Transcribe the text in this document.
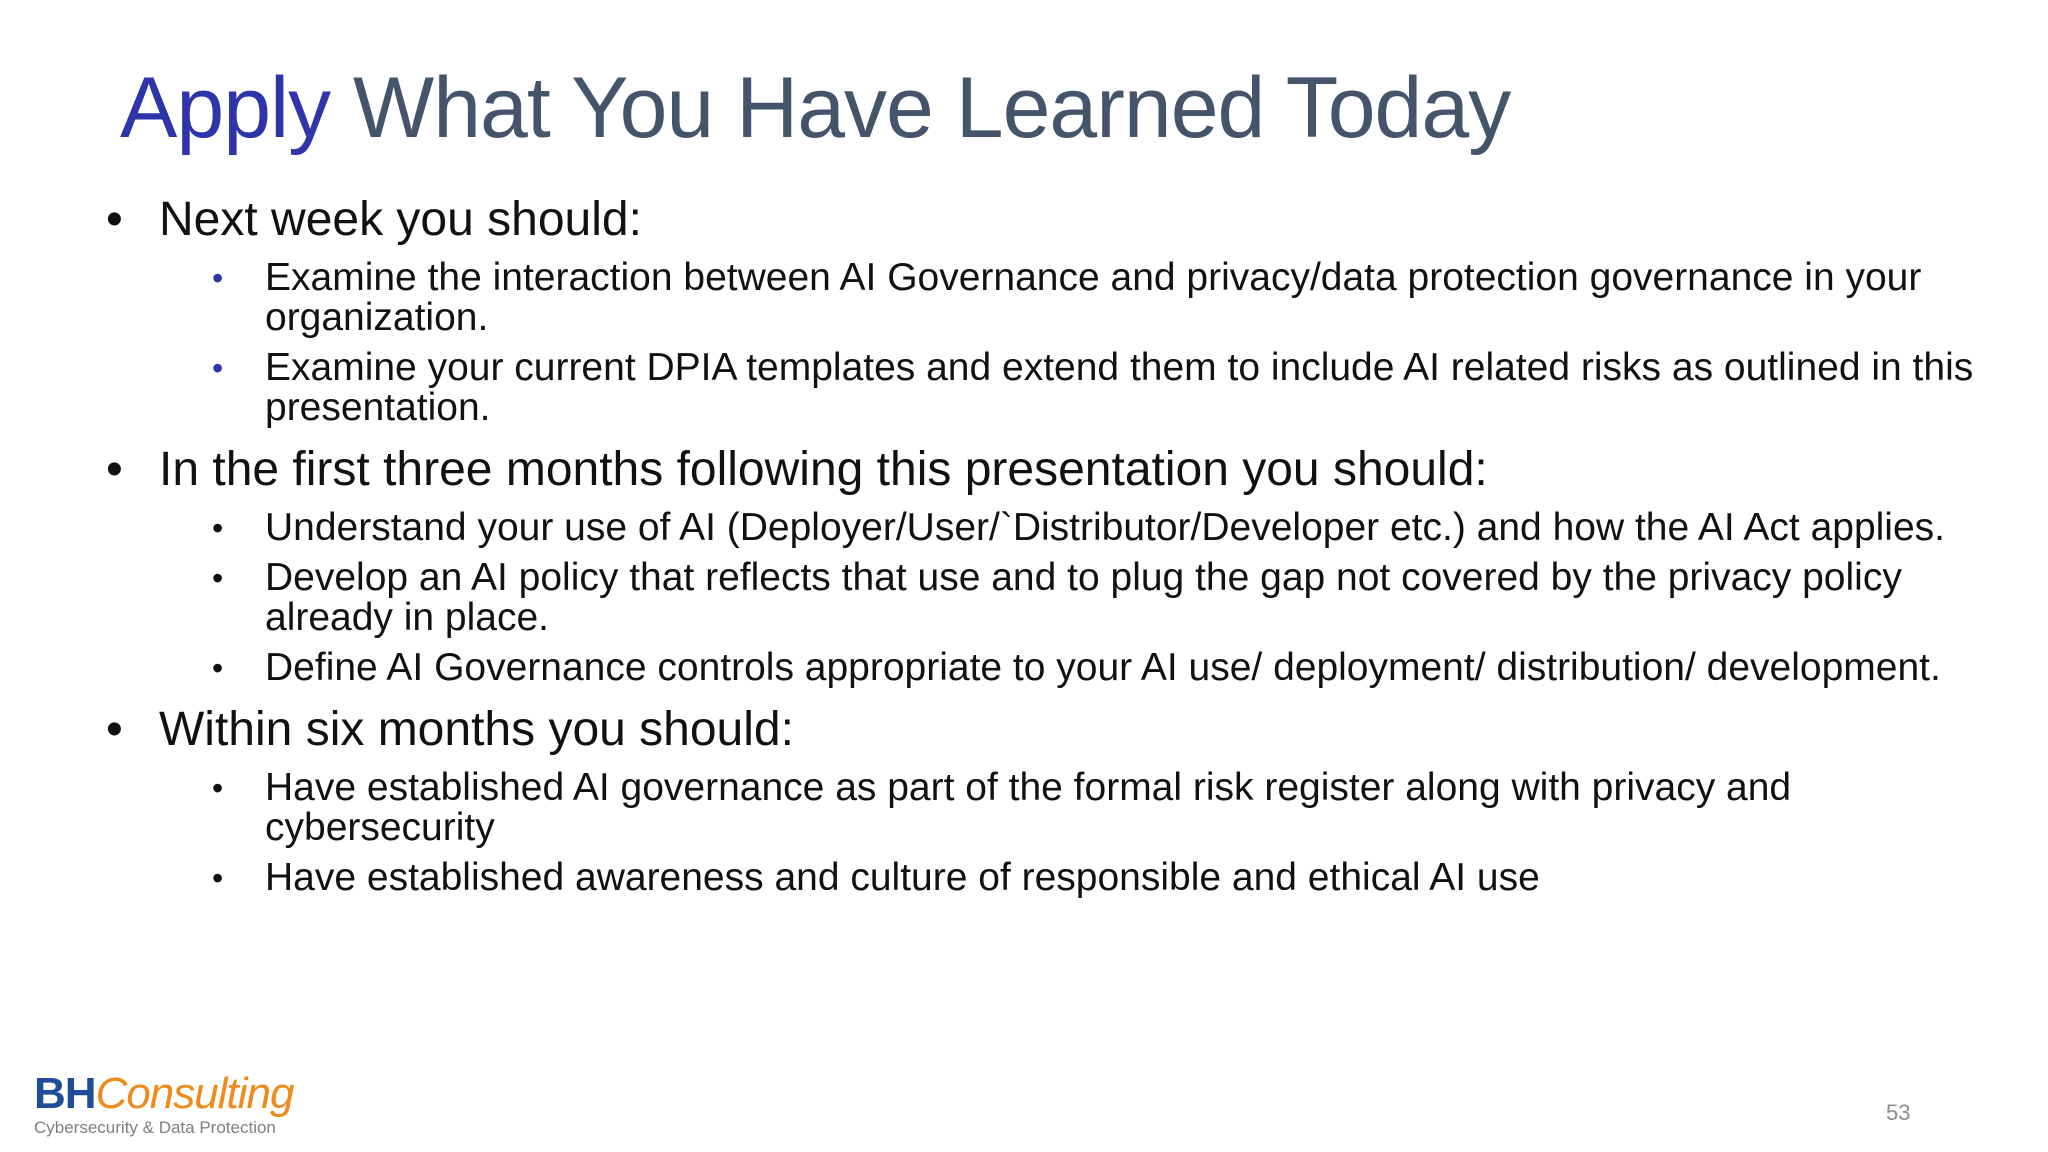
Apply What You Have Learned Today
• Next week you should:
• Examine the interaction between AI Governance and privacy/data protection governance in your organization.
• Examine your current DPIA templates and extend them to include AI related risks as outlined in this presentation.
• In the first three months following this presentation you should:
• Understand your use of AI (Deployer/User/`Distributor/Developer etc.) and how the AI Act applies.
• Develop an AI policy that reflects that use and to plug the gap not covered by the privacy policy already in place.
• Define AI Governance controls appropriate to your AI use/ deployment/ distribution/ development.
• Within six months you should:
• Have established AI governance as part of the formal risk register along with privacy and cybersecurity
• Have established awareness and culture of responsible and ethical AI use
BHConsulting
Cybersecurity & Data Protection
53
